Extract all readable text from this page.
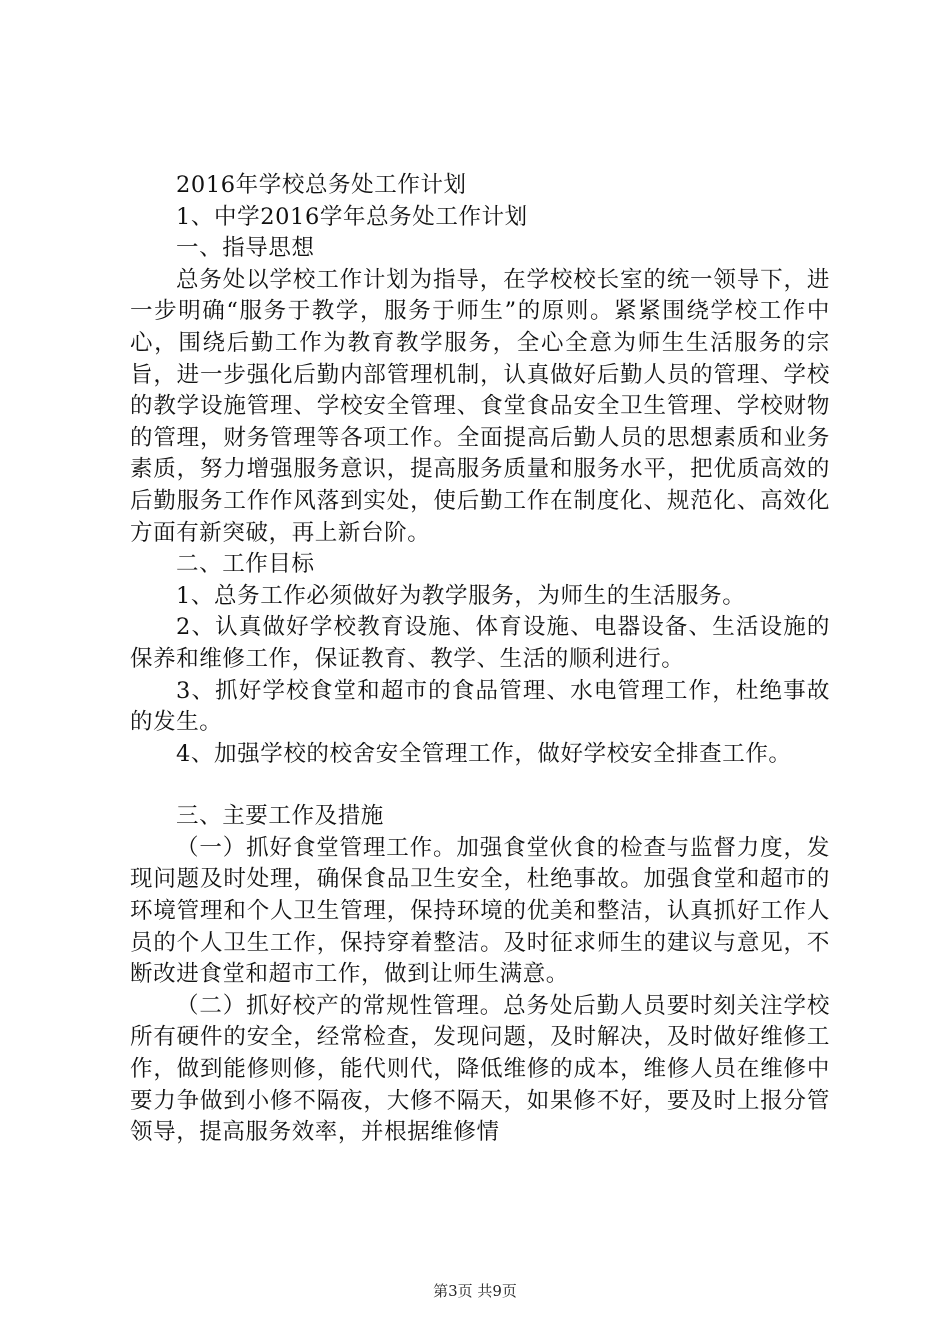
2016年学校总务处工作计划

1、中学2016学年总务处工作计划

一、指导思想

总务处以学校工作计划为指导，在学校校长室的统一领导下，进一步明确“服务于教学，服务于师生”的原则。紧紧围绕学校工作中心，围绕后勤工作为教育教学服务，全心全意为师生生活服务的宗旨，进一步强化后勤内部管理机制，认真做好后勤人员的管理、学校的教学设施管理、学校安全管理、食堂食品安全卫生管理、学校财物的管理，财务管理等各项工作。全面提高后勤人员的思想素质和业务素质，努力增强服务意识，提高服务质量和服务水平，把优质高效的后勤服务工作作风落到实处，使后勤工作在制度化、规范化、高效化方面有新突破，再上新台阶。

二、工作目标

1、总务工作必须做好为教学服务，为师生的生活服务。

2、认真做好学校教育设施、体育设施、电器设备、生活设施的保养和维修工作，保证教育、教学、生活的顺利进行。

3、抓好学校食堂和超市的食品管理、水电管理工作，杜绝事故的发生。

4、加强学校的校舍安全管理工作，做好学校安全排查工作。

三、主要工作及措施

（一）抓好食堂管理工作。加强食堂伙食的检查与监督力度，发现问题及时处理，确保食品卫生安全，杜绝事故。加强食堂和超市的环境管理和个人卫生管理，保持环境的优美和整洁，认真抓好工作人员的个人卫生工作，保持穿着整洁。及时征求师生的建议与意见，不断改进食堂和超市工作，做到让师生满意。

（二）抓好校产的常规性管理。总务处后勤人员要时刻关注学校所有硬件的安全，经常检查，发现问题，及时解决，及时做好维修工作，做到能修则修，能代则代，降低维修的成本，维修人员在维修中要力争做到小修不隔夜，大修不隔天，如果修不好，要及时上报分管领导，提高服务效率，并根据维修情

第3页 共9页
